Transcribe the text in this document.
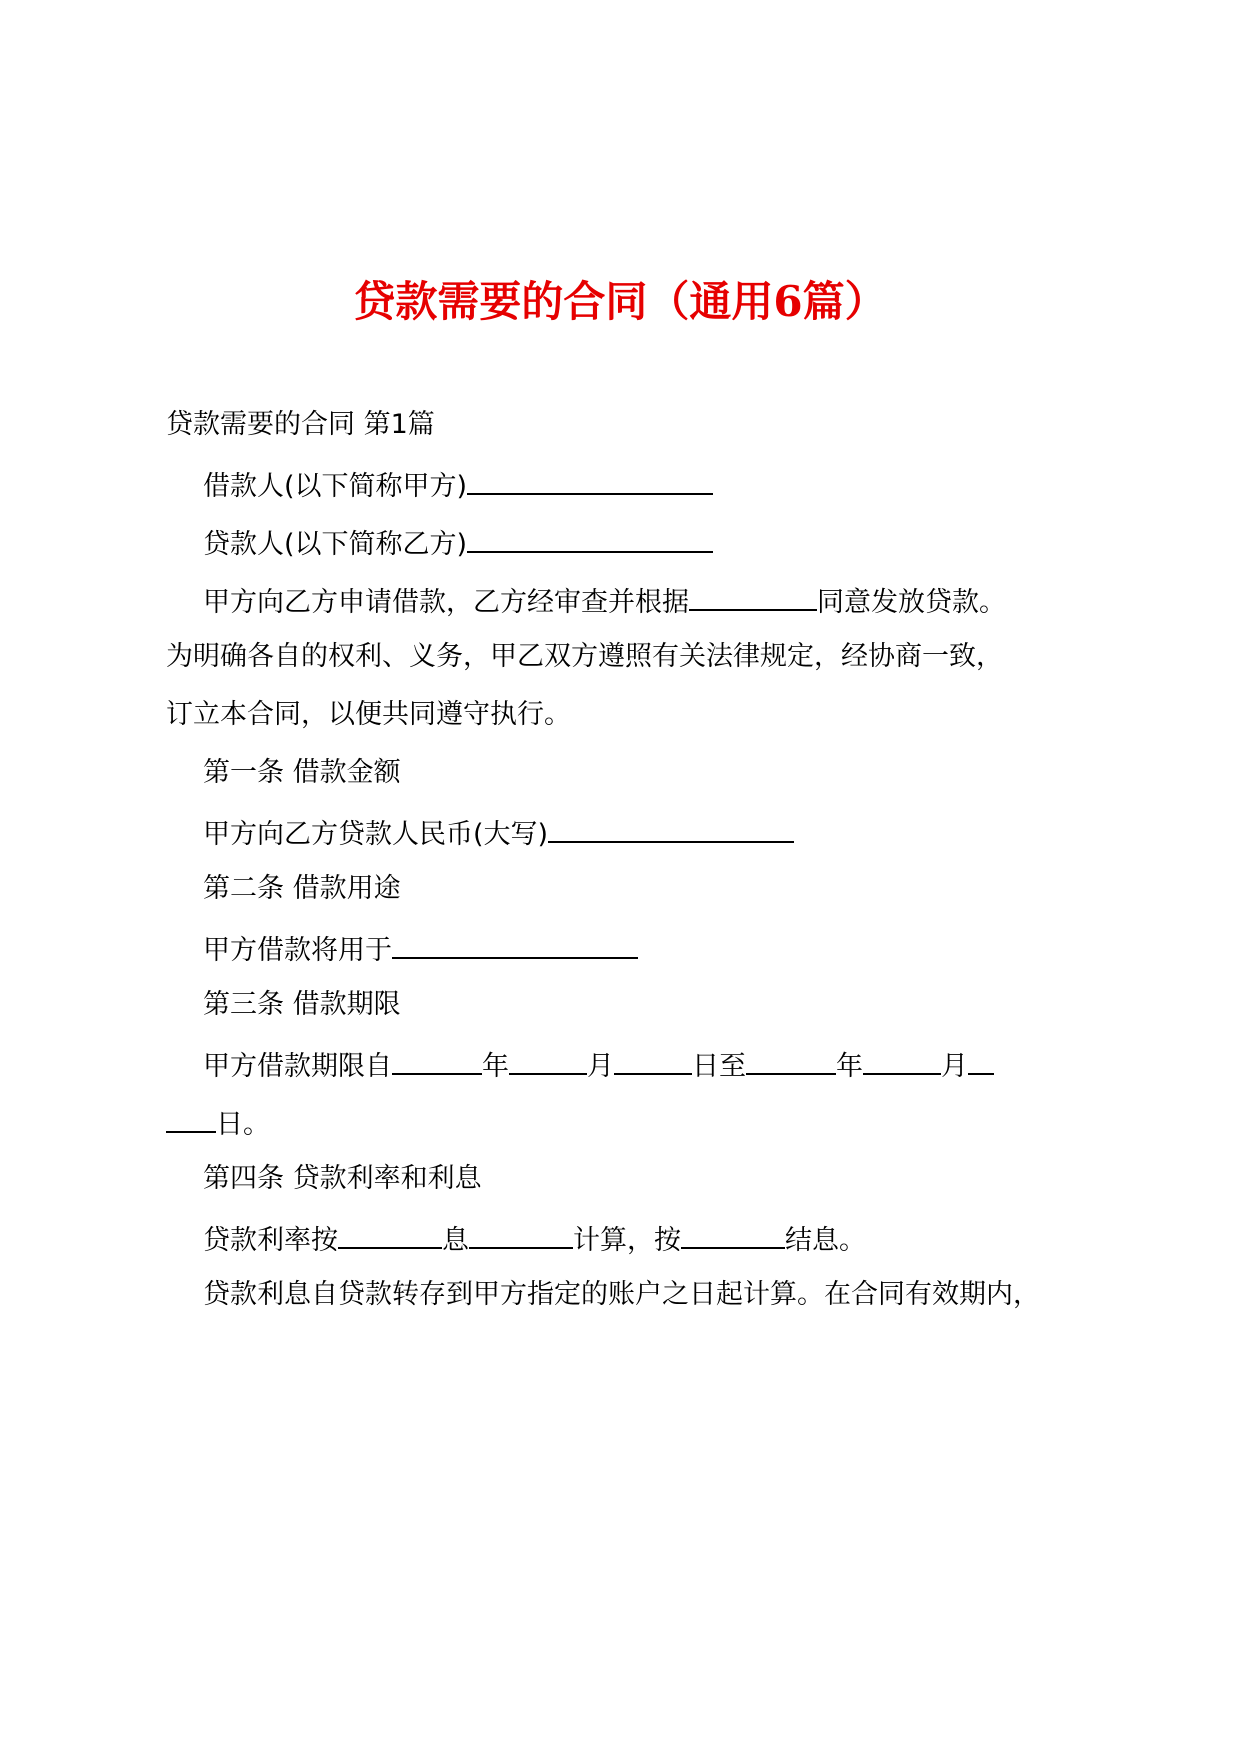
贷款需要的合同（通用6篇）
贷款需要的合同 第1篇
借款人(以下简称甲方)
贷款人(以下简称乙方)
甲方向乙方申请借款，乙方经审查并根据	同意发放贷款。
为明确各自的权利、义务，甲乙双方遵照有关法律规定，经协商一致，
订立本合同，以便共同遵守执行。
第一条 借款金额
甲方向乙方贷款人民币(大写)
第二条 借款用途
甲方借款将用于
第三条 借款期限
甲方借款期限自	年	月	日至	年	月
日。
第四条 贷款利率和利息
贷款利率按	息	计算，按	结息。
贷款利息自贷款转存到甲方指定的账户之日起计算。在合同有效期内，
